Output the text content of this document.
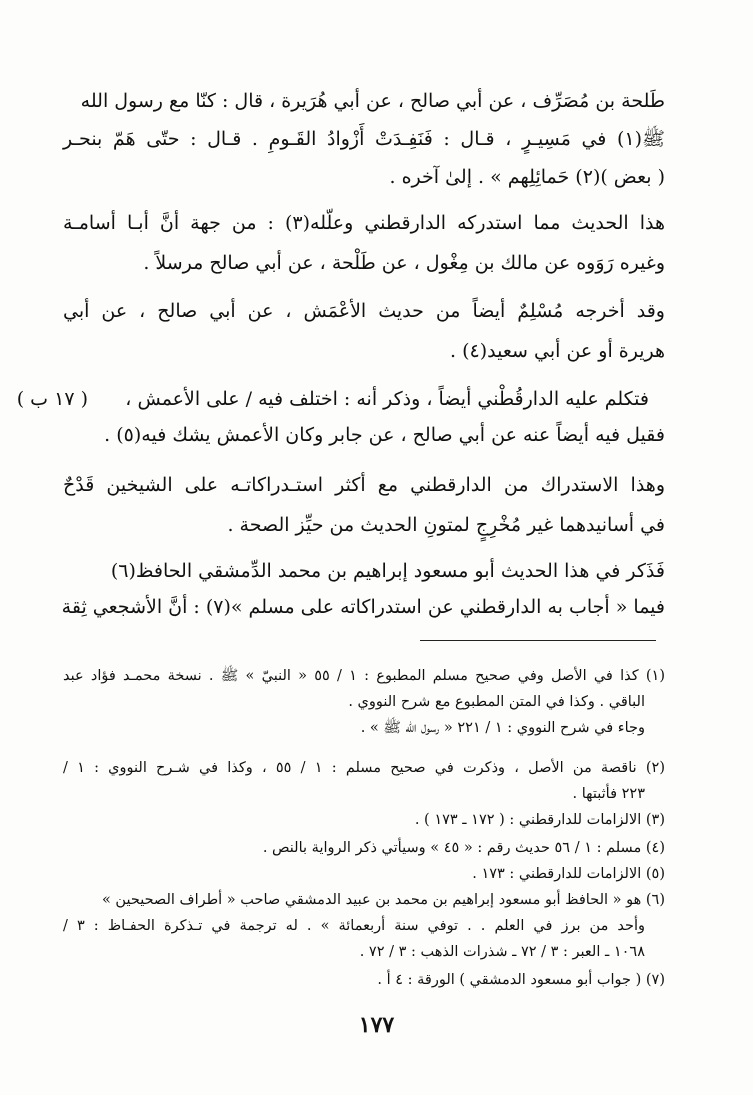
طَلحة بن مُصَرِّف ، عن أبي صالح ، عن أبي هُرَيرة ، قال : كنّا مع رسول الله
ﷺ(١) في مَسِيـرٍ ، قـال : فَنَفِـدَتْ أَزْوادُ القَـومِ . قـال : حتّى هَمّ بنحـر
( بعض )(٢) حَمائِلِهم » . إلىٰ آخره .
هذا الحديث مما استدركه الدارقطني وعلّله(٣) : من جهة أنَّ أبـا أسامـة
وغيره رَوَوه عن مالك بن مِغْول ، عن طَلْحة ، عن أبي صالح مرسلاً .
وقد أخرجه مُسْلِمٌ أيضاً من حديث الأعْمَش ، عن أبي صالح ، عن أبي
هريرة أو عن أبي سعيد(٤) .
فتكلم عليه الدارقُطْني أيضاً ، وذكر أنه : اختلف فيه / على الأعمش ،
( ١٧ ب )
فقيل فيه أيضاً عنه عن أبي صالح ، عن جابر وكان الأعمش يشك فيه(٥) .
وهذا الاستدراك من الدارقطني مع أكثر استـدراكاتـه على الشيخين قَدْحٌ
في أسانيدهما غير مُخْرِجٍ لمتونِ الحديث من حيِّز الصحة .
فَذَكر في هذا الحديث أبو مسعود إبراهيم بن محمد الدِّمشقي الحافظ(٦)
فيما « أجاب به الدارقطني عن استدراكاته على مسلم »(٧) : أنَّ الأشجعي ثِقة
(١) كذا في الأصل وفي صحيح مسلم المطبوع : ١ / ٥٥ « النبيّ » ﷺ . نسخة محمـد فؤاد عبد
الباقي . وكذا في المتن المطبوع مع شرح النووي .
وجاء في شرح النووي : ١ / ٢٢١ « رسول الله ﷺ » .
(٢) ناقصة من الأصل ، وذكرت في صحيح مسلم : ١ / ٥٥ ، وكذا في شـرح النووي : ١ /
٢٢٣ فأثبتها .
(٣) الالزامات للدارقطني : ( ١٧٢ ـ ١٧٣ ) .
(٤) مسلم : ١ / ٥٦ حديث رقم : « ٤٥ » وسيأتي ذكر الرواية بالنص .
(٥) الالزامات للدارقطني : ١٧٣ .
(٦) هو « الحافظ أبو مسعود إبراهيم بن محمد بن عبيد الدمشقي صاحب « أطراف الصحيحين »
وأحد من برز في العلم . . توفي سنة أربعمائة » . له ترجمة في تـذكرة الحفـاظ : ٣ /
١٠٦٨ ـ العبر : ٣ / ٧٢ ـ شذرات الذهب : ٣ / ٧٢ .
(٧) ( جواب أبو مسعود الدمشقي ) الورقة : ٤ أ .
١٧٧
